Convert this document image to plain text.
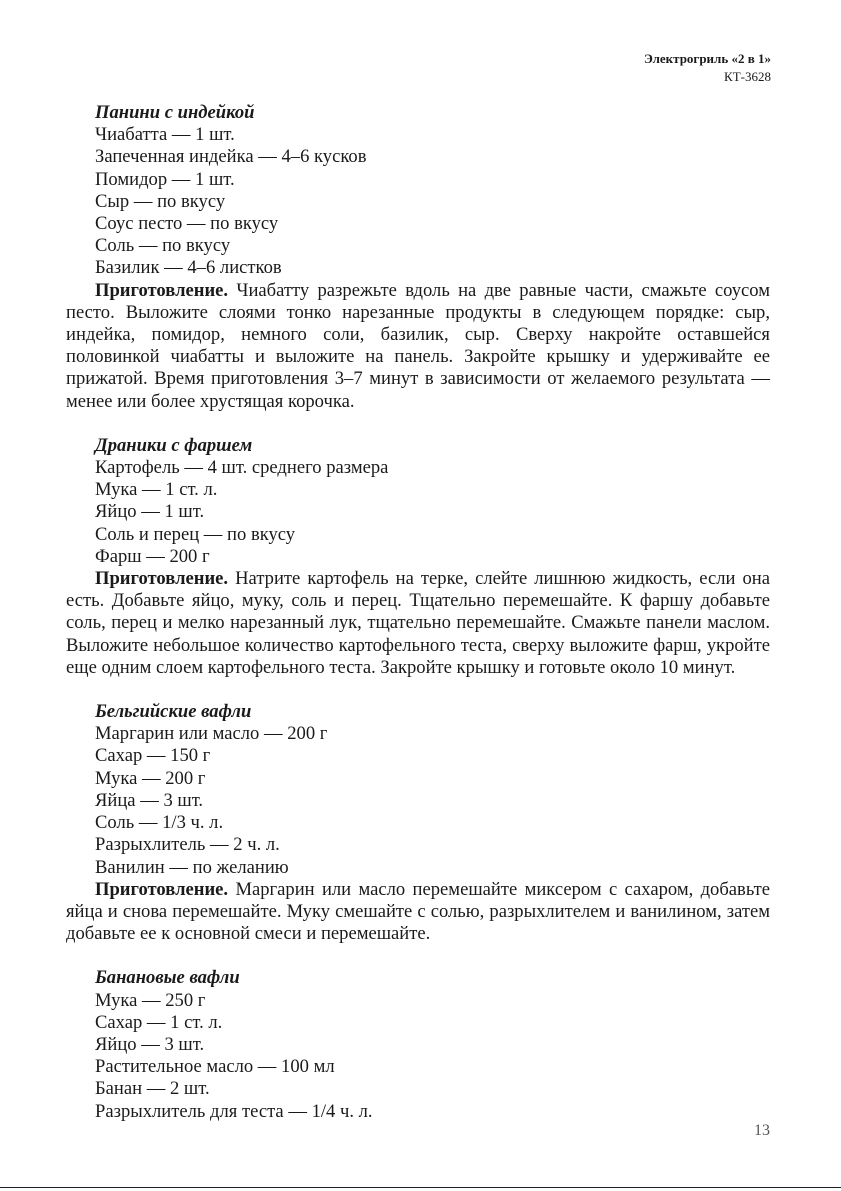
Электрогриль «2 в 1»
КТ-3628
Панини с индейкой
Чиабатта — 1 шт.
Запеченная индейка — 4–6 кусков
Помидор — 1 шт.
Сыр — по вкусу
Соус песто — по вкусу
Соль — по вкусу
Базилик — 4–6 листков

Приготовление. Чиабатту разрежьте вдоль на две равные части, смажьте соусом песто. Выложите слоями тонко нарезанные продукты в следующем порядке: сыр, индейка, помидор, немного соли, базилик, сыр. Сверху накройте оставшейся половинкой чиабатты и выложите на панель. Закройте крышку и удерживайте ее прижатой. Время приготовления 3–7 минут в зависимости от желаемого результата — менее или более хрустящая корочка.

Драники с фаршем
Картофель — 4 шт. среднего размера
Мука — 1 ст. л.
Яйцо — 1 шт.
Соль и перец — по вкусу
Фарш — 200 г

Приготовление. Натрите картофель на терке, слейте лишнюю жидкость, если она есть. Добавьте яйцо, муку, соль и перец. Тщательно перемешайте. К фаршу добавьте соль, перец и мелко нарезанный лук, тщательно перемешайте. Смажьте панели маслом. Выложите небольшое количество картофельного теста, сверху выложите фарш, укройте еще одним слоем картофельного теста. Закройте крышку и готовьте около 10 минут.

Бельгийские вафли
Маргарин или масло — 200 г
Сахар — 150 г
Мука — 200 г
Яйца — 3 шт.
Соль — 1/3 ч. л.
Разрыхлитель — 2 ч. л.
Ванилин — по желанию

Приготовление. Маргарин или масло перемешайте миксером с сахаром, добавьте яйца и снова перемешайте. Муку смешайте с солью, разрыхлителем и ванилином, затем добавьте ее к основной смеси и перемешайте.

Банановые вафли
Мука — 250 г
Сахар — 1 ст. л.
Яйцо — 3 шт.
Растительное масло — 100 мл
Банан — 2 шт.
Разрыхлитель для теста — 1/4 ч. л.
13
